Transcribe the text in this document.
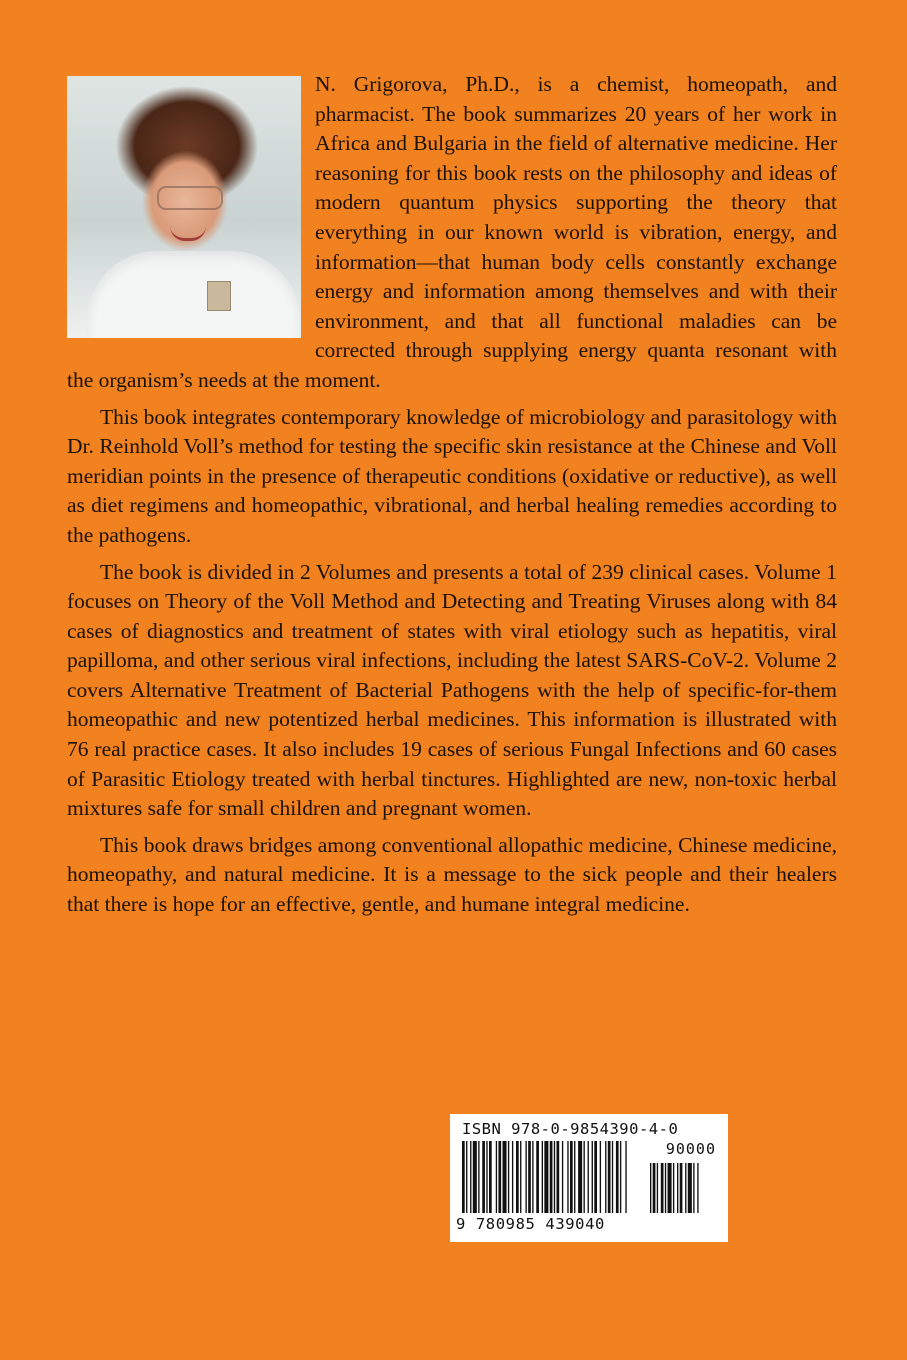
N. Grigorova, Ph.D., is a chemist, homeopath, and pharmacist. The book summarizes 20 years of her work in Africa and Bulgaria in the field of alternative medicine. Her reasoning for this book rests on the philosophy and ideas of modern quantum physics supporting the theory that everything in our known world is vibration, energy, and information—that human body cells constantly exchange energy and information among themselves and with their environment, and that all functional maladies can be corrected through supplying energy quanta resonant with the organism’s needs at the moment.

This book integrates contemporary knowledge of microbiology and parasitology with Dr. Reinhold Voll’s method for testing the specific skin resistance at the Chinese and Voll meridian points in the presence of therapeutic conditions (oxidative or reductive), as well as diet regimens and homeopathic, vibrational, and herbal healing remedies according to the pathogens.

The book is divided in 2 Volumes and presents a total of 239 clinical cases. Volume 1 focuses on Theory of the Voll Method and Detecting and Treating Viruses along with 84 cases of diagnostics and treatment of states with viral etiology such as hepatitis, viral papilloma, and other serious viral infections, including the latest SARS-CoV-2. Volume 2 covers Alternative Treatment of Bacterial Pathogens with the help of specific-for-them homeopathic and new potentized herbal medicines. This information is illustrated with 76 real practice cases. It also includes 19 cases of serious Fungal Infections and 60 cases of Parasitic Etiology treated with herbal tinctures. Highlighted are new, non-toxic herbal mixtures safe for small children and pregnant women.

This book draws bridges among conventional allopathic medicine, Chinese medicine, homeopathy, and natural medicine. It is a message to the sick people and their healers that there is hope for an effective, gentle, and humane integral medicine.

ISBN 978-0-9854390-4-0
90000
9 780985 439040
